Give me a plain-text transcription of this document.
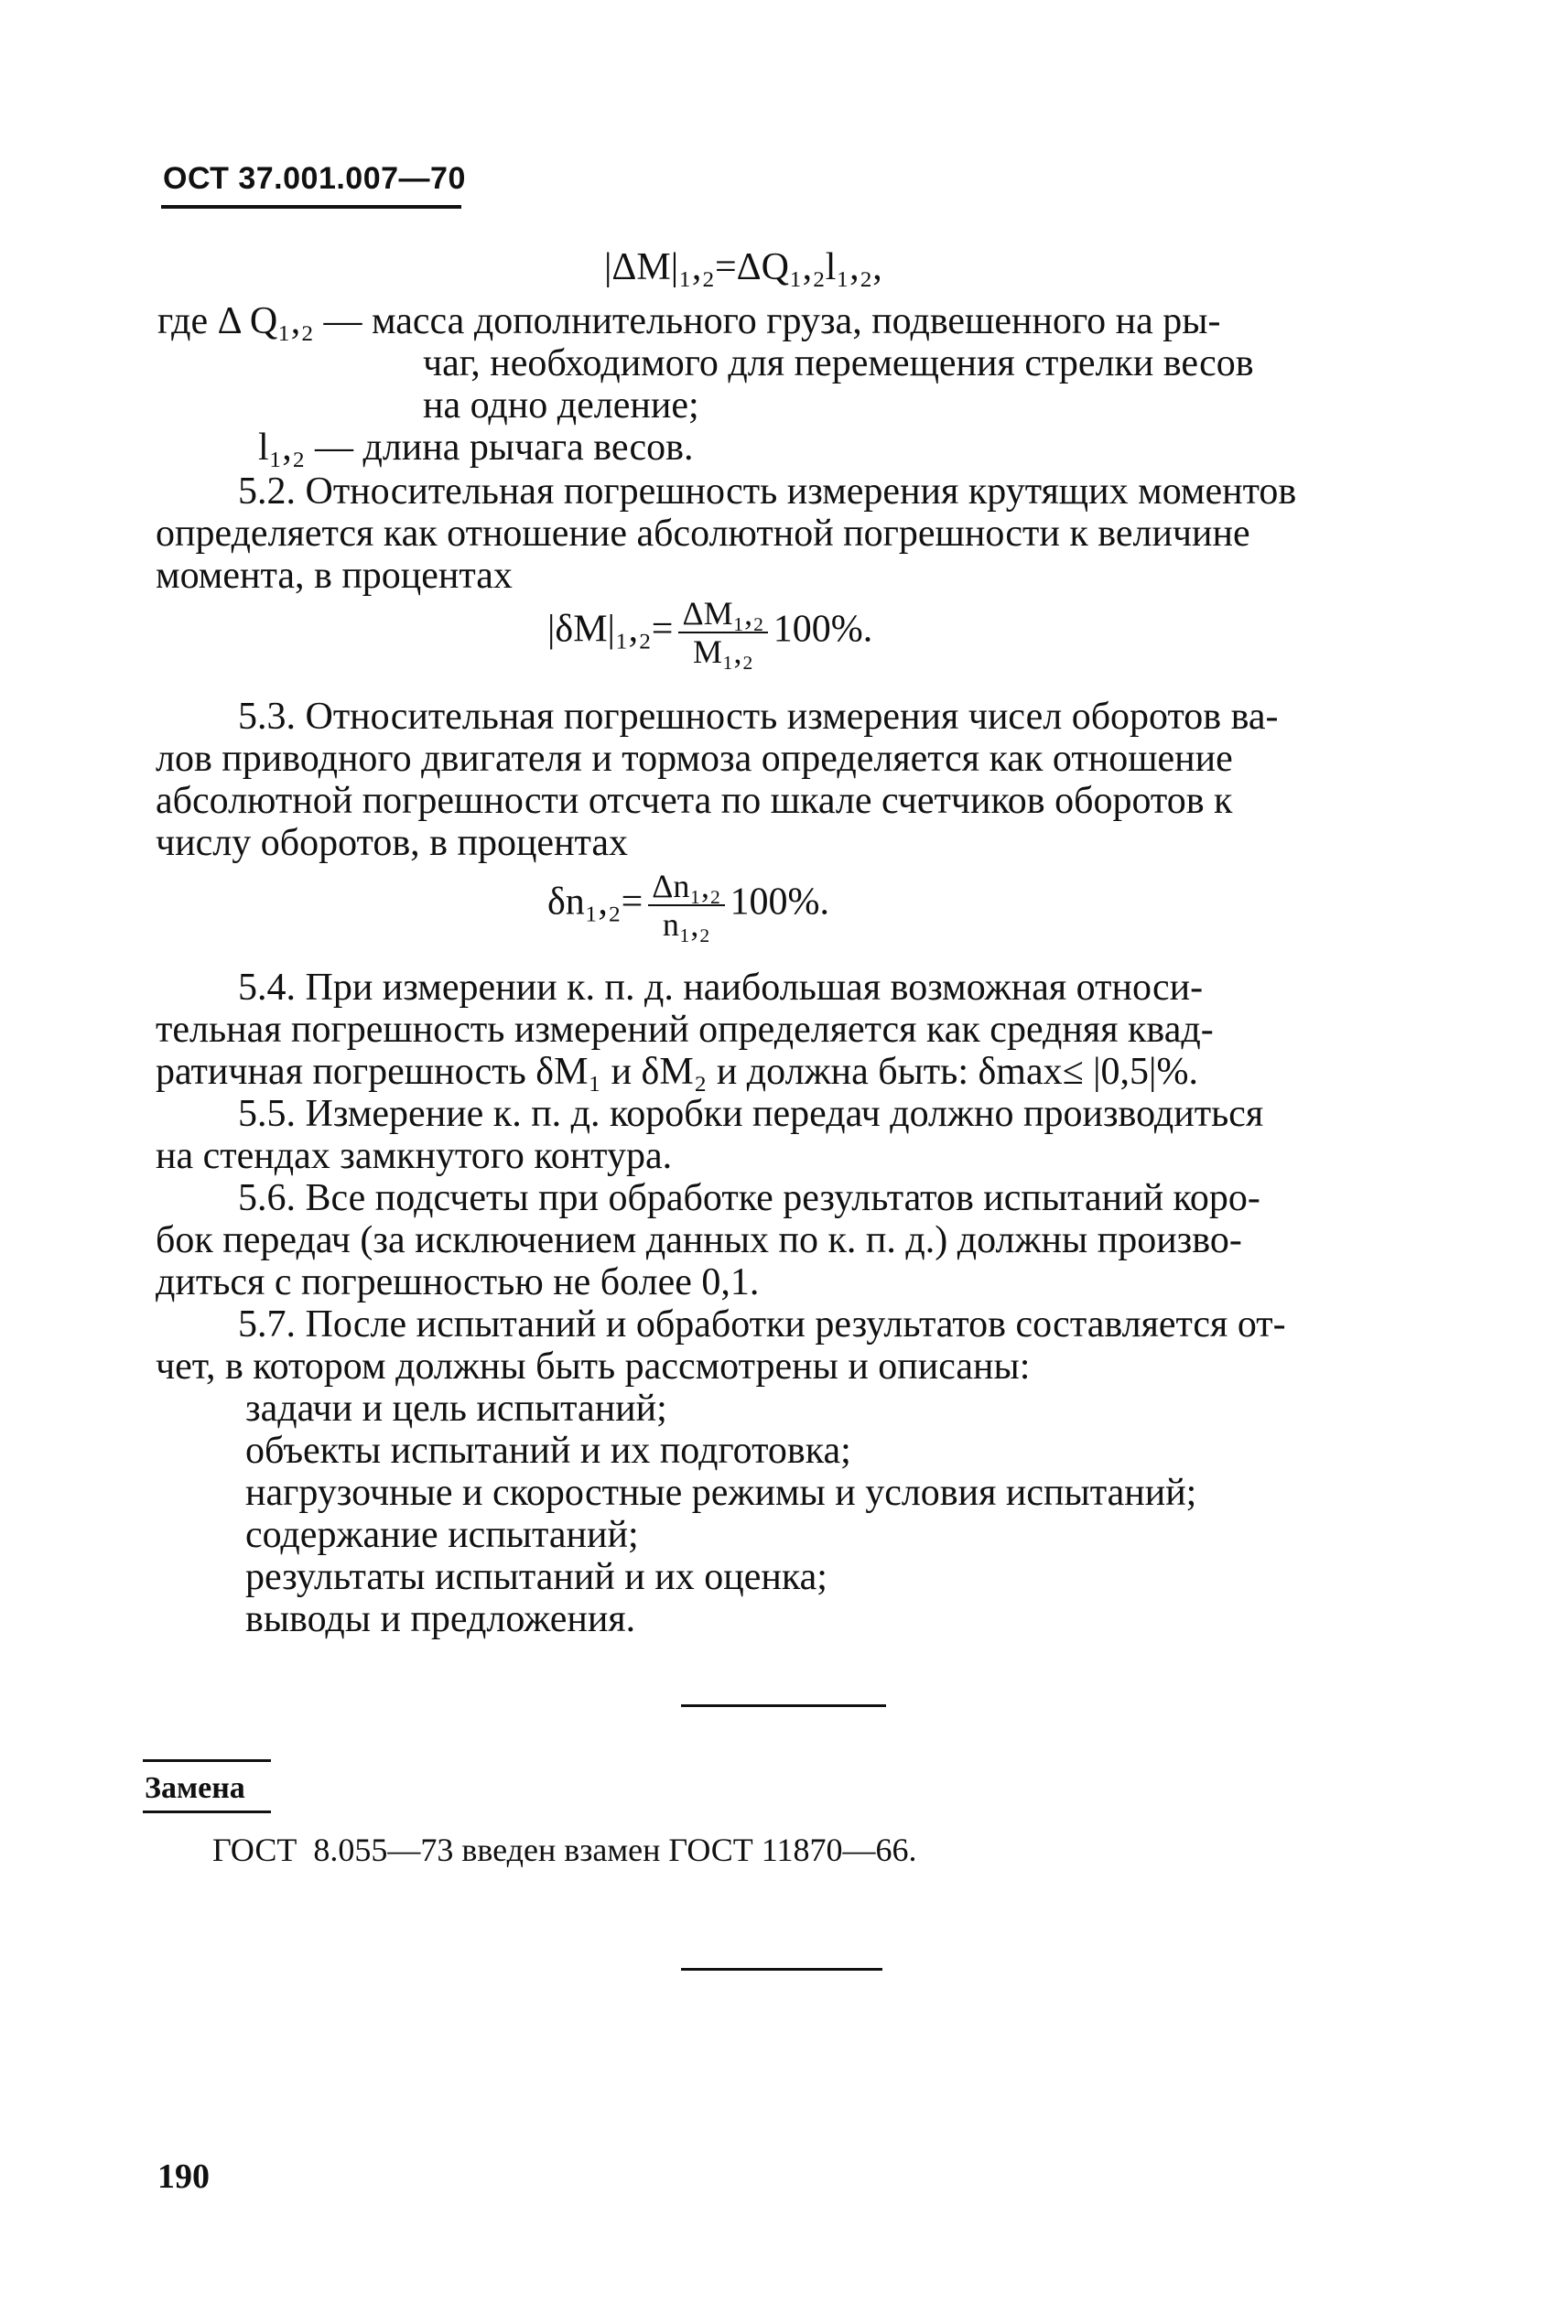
ОСТ 37.001.007—70
|ΔM|₁,₂=ΔQ₁,₂l₁,₂,
где Δ Q₁,₂ — масса дополнительного груза, подвешенного на ры-
чаг, необходимого для перемещения стрелки весов
на одно деление;
l₁,₂ — длина рычага весов.
5.2. Относительная погрешность измерения крутящих моментов
определяется как отношение абсолютной погрешности к величине
момента, в процентах
$|\delta M|_1,_2= \frac{\text{ΔM₁,₂}}{\text{M₁,₂}} 100\%$.
5.3. Относительная погрешность измерения чисел оборотов ва-
лов приводного двигателя и тормоза определяется как отношение
абсолютной погрешности отсчета по шкале счетчиков оборотов к
числу оборотов, в процентах
$\delta n_1,_2= \frac{\text{Δn₁,₂}}{\text{n₁,₂}} 100\%$.
5.4. При измерении к. п. д. наибольшая возможная относи-
тельная погрешность измерений определяется как средняя квад-
ратичная погрешность δM₁ и δM₂ и должна быть: δmax≤ |0,5|%.
5.5. Измерение к. п. д. коробки передач должно производиться
на стендах замкнутого контура.
5.6. Все подсчеты при обработке результатов испытаний коро-
бок передач (за исключением данных по к. п. д.) должны произво-
диться с погрешностью не более 0,1.
5.7. После испытаний и обработки результатов составляется от-
чет, в котором должны быть рассмотрены и описаны:
задачи и цель испытаний;
объекты испытаний и их подготовка;
нагрузочные и скоростные режимы и условия испытаний;
содержание испытаний;
результаты испытаний и их оценка;
выводы и предложения.
Замена
ГОСТ  8.055—73 введен взамен ГОСТ 11870—66.
190
